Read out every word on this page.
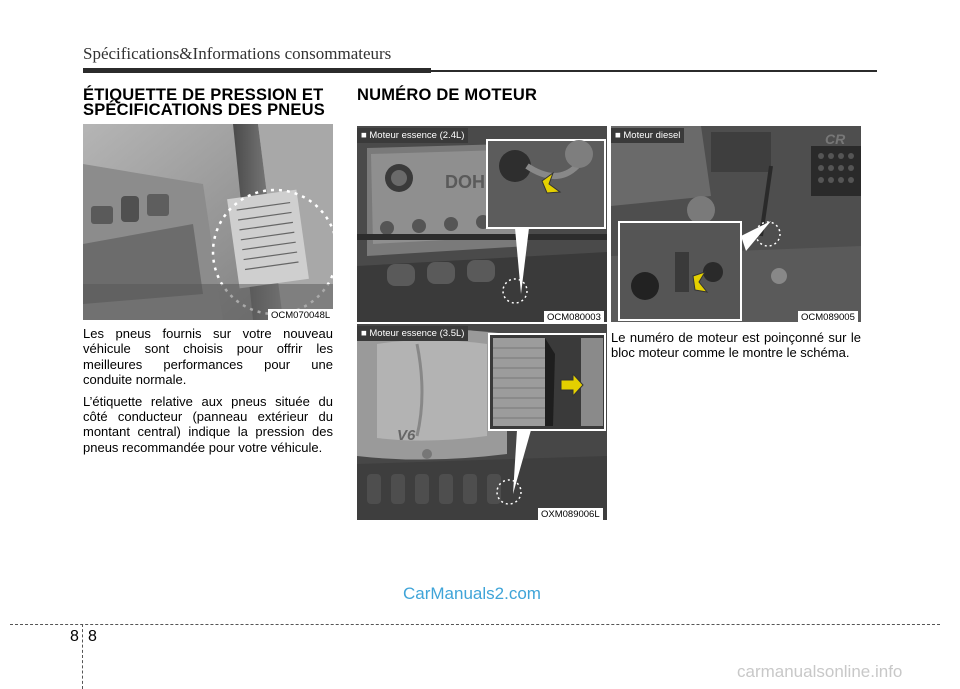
Spécifications&Informations consommateurs
ÉTIQUETTE DE PRESSION ET
SPÉCIFICATIONS DES PNEUS
OCM070048L

Les pneus fournis sur votre nouveau véhicule sont choisis pour offrir les meilleures performances pour une conduite normale.

L’étiquette relative aux pneus située du côté conducteur (panneau extérieur du montant central) indique la pression des pneus recommandée pour votre véhicule.

NUMÉRO DE MOTEUR
DOH
■ Moteur essence (2.4L)
OCM080003
CR
■ Moteur diesel
OCM089005
V6
■ Moteur essence (3.5L)
OXM089006L
Le numéro de moteur est poinçonné sur le bloc moteur comme le montre le schéma.
CarManuals2.com
8 8
carmanualsonline.info
